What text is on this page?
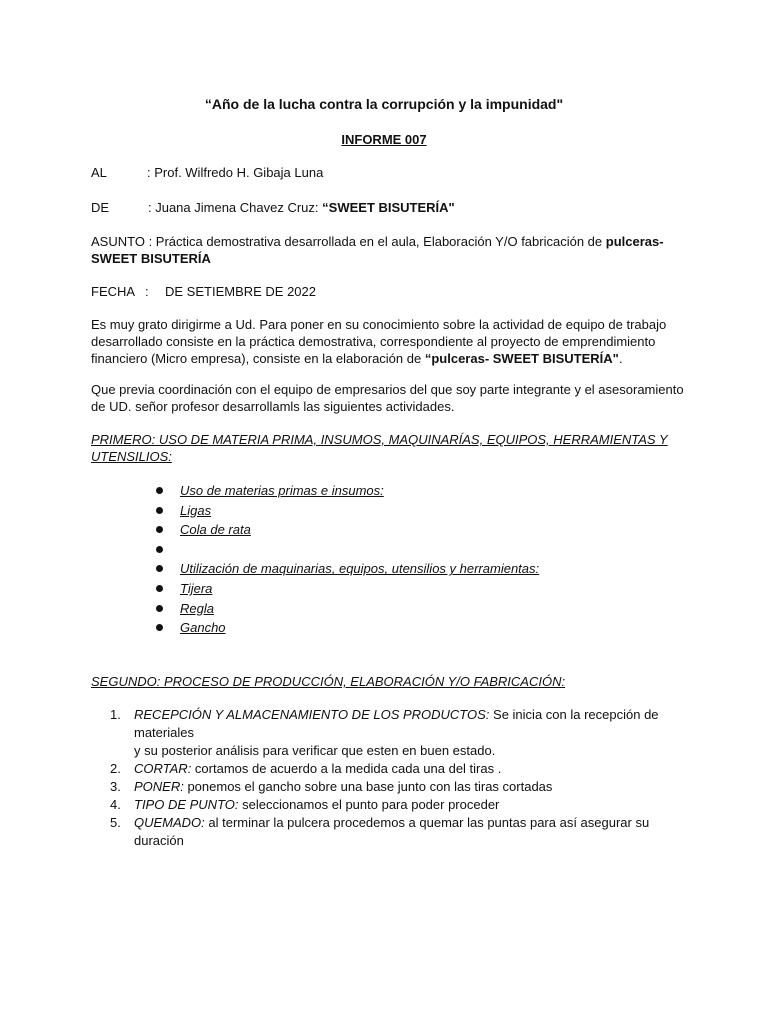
“Año de la lucha contra la corrupción y la impunidad"
INFORME 007
AL	: Prof. Wilfredo H. Gibaja Luna
DE	: Juana Jimena Chavez Cruz: “SWEET BISUTERÍA"
ASUNTO : Práctica demostrativa desarrollada en el aula, Elaboración Y/O fabricación de pulceras-
SWEET BISUTERÍA
FECHA : DE SETIEMBRE DE 2022
Es muy grato dirigirme a Ud. Para poner en su conocimiento sobre la actividad de equipo de trabajo
desarrollado consiste en la práctica demostrativa, correspondiente al proyecto de emprendimiento
financiero (Micro empresa), consiste en la elaboración de “pulceras- SWEET BISUTERÍA".
Que previa coordinación con el equipo de empresarios del que soy parte integrante y el asesoramiento
de UD. señor profesor desarrollamls las siguientes actividades.
PRIMERO: USO DE MATERIA PRIMA, INSUMOS, MAQUINARÍAS, EQUIPOS, HERRAMIENTAS Y
UTENSILIOS:
Uso de materias primas e insumos:
Ligas
Cola de rata
Utilización de maquinarias, equipos, utensilios y herramientas:
Tijera
Regla
Gancho
SEGUNDO: PROCESO DE PRODUCCIÓN, ELABORACIÓN Y/O FABRICACIÓN:
1. RECEPCIÓN Y ALMACENAMIENTO DE LOS PRODUCTOS: Se inicia con la recepción de materiales
y su posterior análisis para verificar que esten en buen estado.
2. CORTAR: cortamos de acuerdo a la medida cada una del tiras .
3. PONER: ponemos el gancho sobre una base junto con las tiras cortadas
4. TIPO DE PUNTO: seleccionamos el punto para poder proceder
5. QUEMADO: al terminar la pulcera procedemos a quemar las puntas para así asegurar su
duración
